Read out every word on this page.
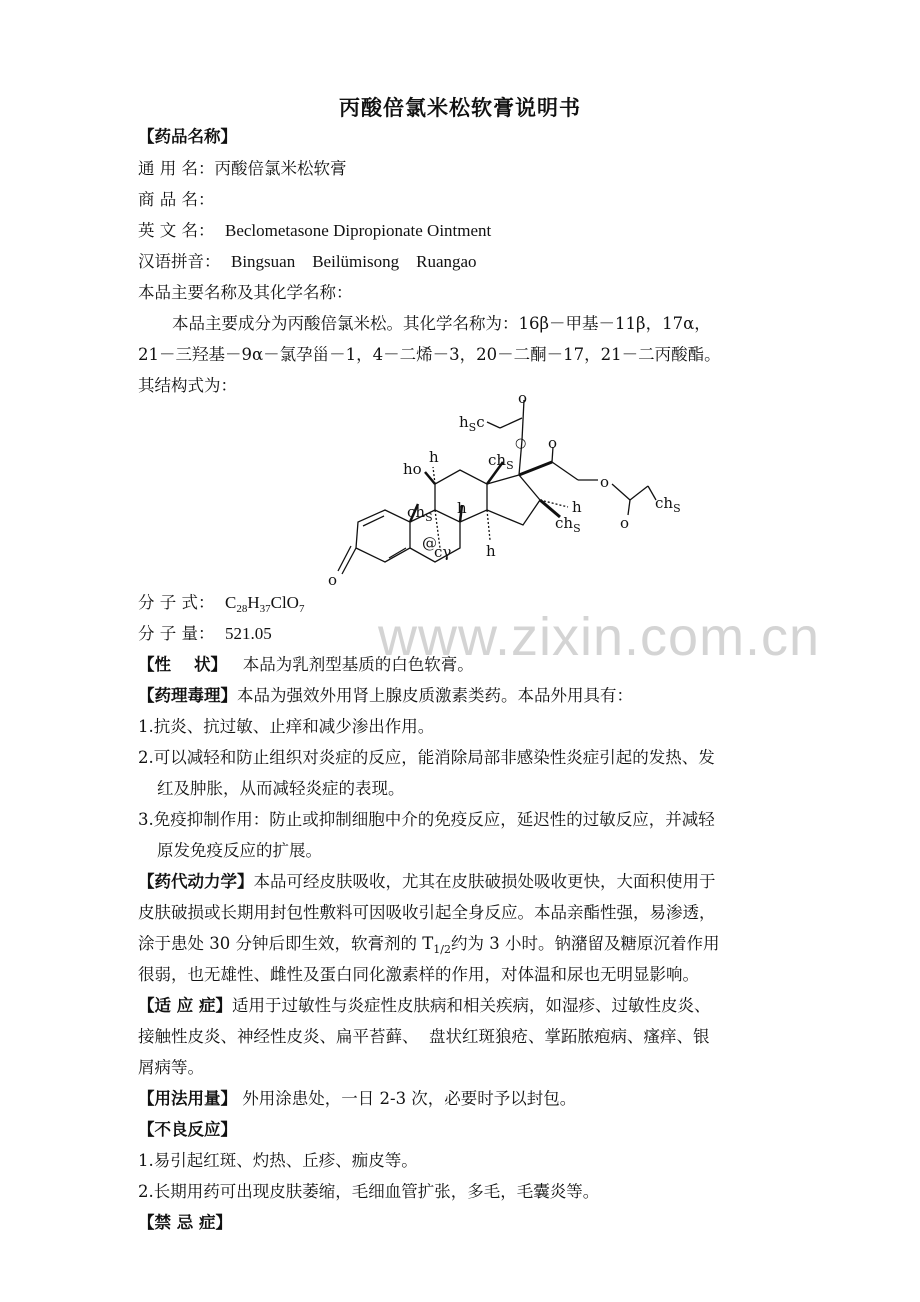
丙酸倍氯米松软膏说明书
【药品名称】
通 用 名：丙酸倍氯米松软膏
商 品 名：
英 文 名： Beclometasone Dipropionate Ointment
汉语拼音： Bingsuan    Beilümisong    Ruangao
本品主要名称及其化学名称：
本品主要成分为丙酸倍氯米松。其化学名称为：16β－甲基－11β，17α，
21－三羟基－9α－氯孕甾－1，4－二烯－3，20－二酮－17，21－二丙酸酯。
其结构式为：
o
$h_Sc$
○ o
ho
h	$ch_S$
o
$ch_S$
o
h
$ch_S$
$ch_S$
h
h
@
cγ
o
分 子 式： $C_{28}H_{37}ClO_7$
分 子 量： 521.05 www.zixin.com.cn
【性    状】 本品为乳剂型基质的白色软膏。
【药理毒理】本品为强效外用肾上腺皮质激素类药。本品外用具有：
1.抗炎、抗过敏、止痒和减少渗出作用。
2.可以减轻和防止组织对炎症的反应，能消除局部非感染性炎症引起的发热、发
红及肿胀，从而减轻炎症的表现。
3.免疫抑制作用：防止或抑制细胞中介的免疫反应，延迟性的过敏反应，并减轻
原发免疫反应的扩展。
【药代动力学】本品可经皮肤吸收，尤其在皮肤破损处吸收更快，大面积使用于
皮肤破损或长期用封包性敷料可因吸收引起全身反应。本品亲酯性强，易渗透，
涂于患处 30 分钟后即生效，软膏剂的 $T_{1/2}$约为 3 小时。钠潴留及糖原沉着作用
很弱，也无雄性、雌性及蛋白同化激素样的作用，对体温和尿也无明显影响。
【适 应 症】适用于过敏性与炎症性皮肤病和相关疾病，如湿疹、过敏性皮炎、
接触性皮炎、神经性皮炎、扁平苔藓、  盘状红斑狼疮、掌跖脓疱病、瘙痒、银
屑病等。
【用法用量】 外用涂患处，一日 2-3 次，必要时予以封包。
【不良反应】
1.易引起红斑、灼热、丘疹、痂皮等。
2.长期用药可出现皮肤萎缩，毛细血管扩张，多毛，毛囊炎等。
【禁 忌 症】
